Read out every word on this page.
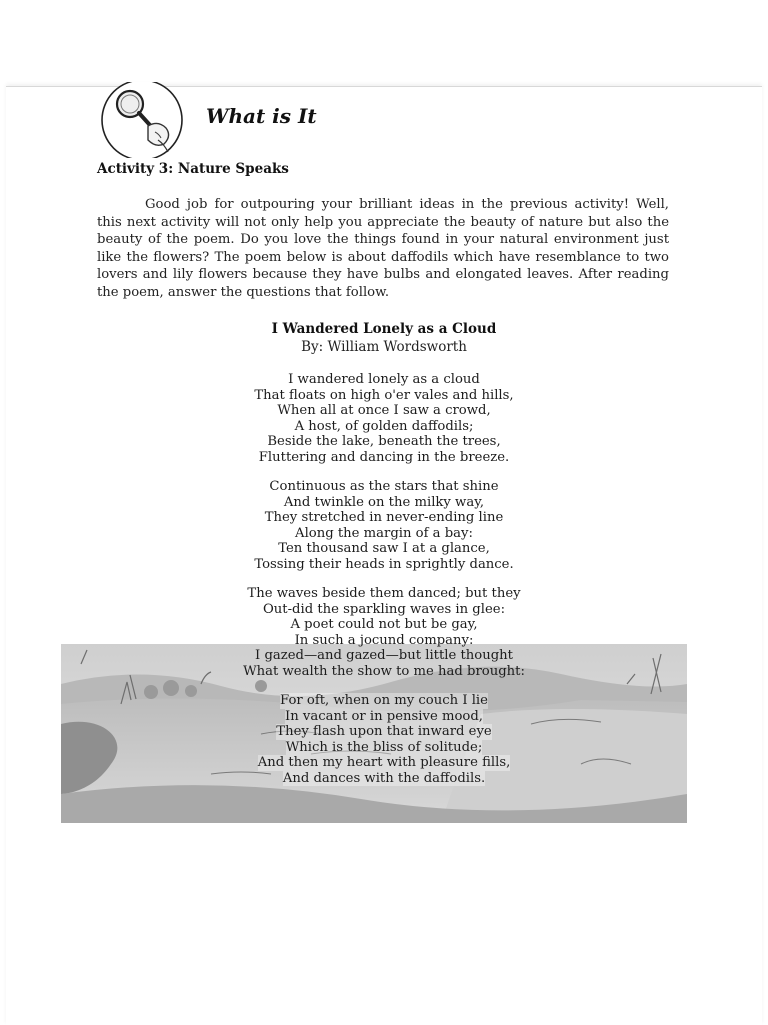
What is It
Activity 3: Nature Speaks
Good job for outpouring your brilliant ideas in the previous activity! Well,
this next activity will not only help you appreciate the beauty of nature but also the
beauty of the poem. Do you love the things found in your natural environment just
like the flowers? The poem below is about daffodils which have resemblance to two
lovers and lily flowers because they have bulbs and elongated leaves. After reading
the poem, answer the questions that follow.
I Wandered Lonely as a Cloud
By: William Wordsworth
I wandered lonely as a cloud
That floats on high o'er vales and hills,
When all at once I saw a crowd,
A host, of golden daffodils;
Beside the lake, beneath the trees,
Fluttering and dancing in the breeze.
Continuous as the stars that shine
And twinkle on the milky way,
They stretched in never-ending line
Along the margin of a bay:
Ten thousand saw I at a glance,
Tossing their heads in sprightly dance.
The waves beside them danced; but they
Out-did the sparkling waves in glee:
A poet could not but be gay,
In such a jocund company:
I gazed—and gazed—but little thought
What wealth the show to me had brought:
For oft, when on my couch I lie
In vacant or in pensive mood,
They flash upon that inward eye
Which is the bliss of solitude;
And then my heart with pleasure fills,
And dances with the daffodils.
